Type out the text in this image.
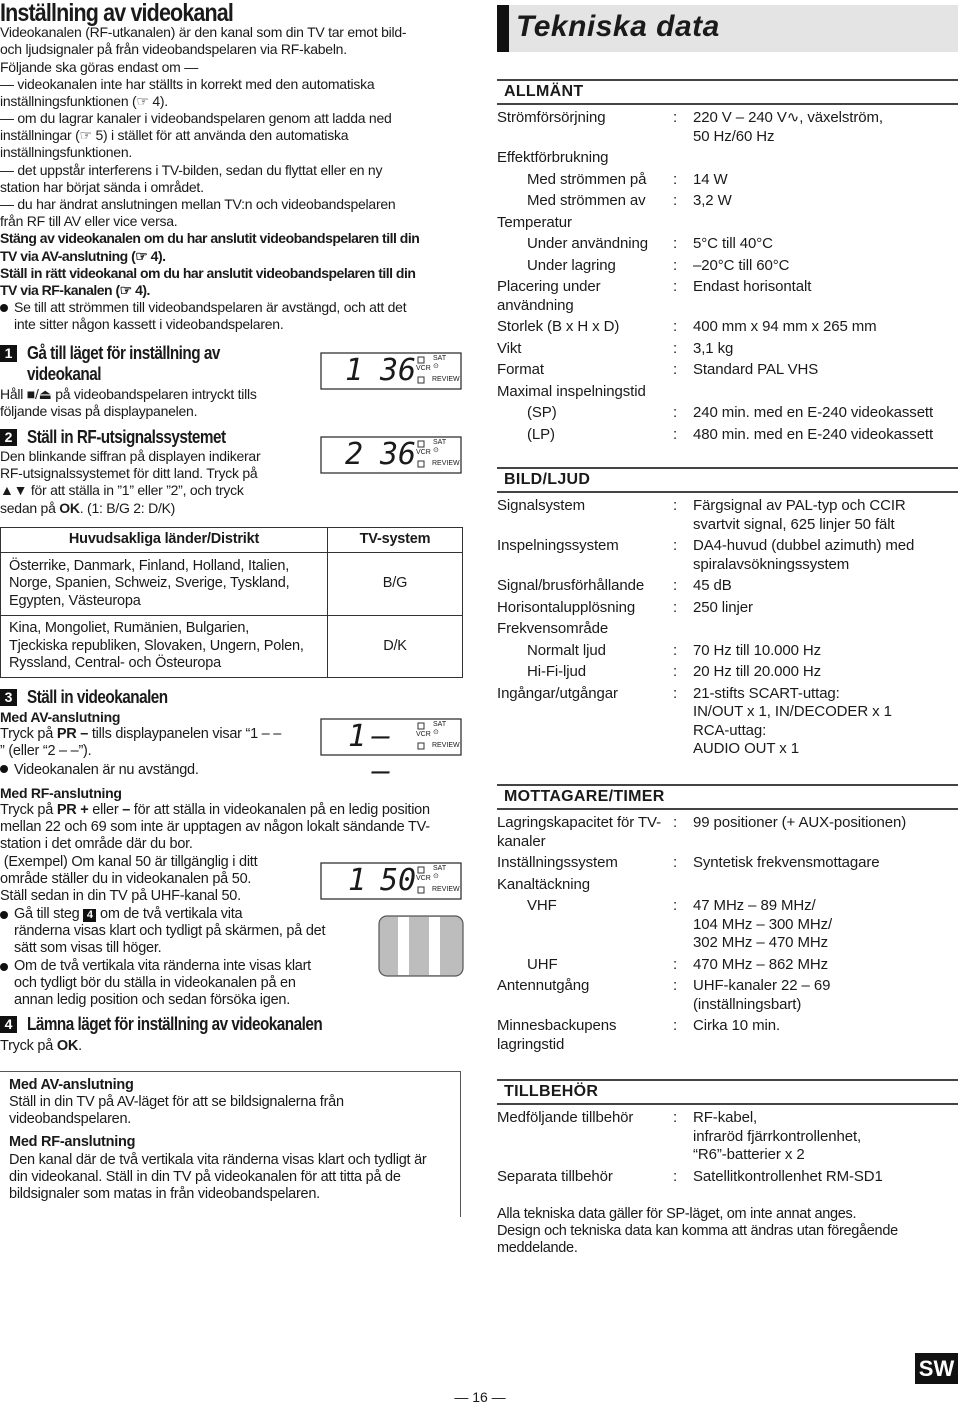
Inställning av videokanal
Videokanalen (RF-utkanalen) är den kanal som din TV tar emot bild-
och ljudsignaler på från videobandspelaren via RF-kabeln.
Följande ska göras endast om —
— videokanalen inte har ställts in korrekt med den automatiska
inställningsfunktionen (☞ 4).
— om du lagrar kanaler i videobandspelaren genom att ladda ned
inställningar (☞ 5) i stället för att använda den automatiska
inställningsfunktionen.
— det uppstår interferens i TV-bilden, sedan du flyttat eller en ny
station har börjat sända i området.
— du har ändrat anslutningen mellan TV:n och videobandspelaren
från RF till AV eller vice versa.
Stäng av videokanalen om du har anslutit videobandspelaren till din
TV via AV-anslutning (☞ 4).
Ställ in rätt videokanal om du har anslutit videobandspelaren till din
TV via RF-kanalen (☞ 4).
Se till att strömmen till videobandspelaren är avstängd, och att det
inte sitter någon kassett i videobandspelaren.
1 Gå till läget för inställning av
videokanal
Håll ■/⏏ på videobandspelaren intryckt tills
följande visas på displaypanelen.
2 Ställ in RF-utsignalssystemet
Den blinkande siffran på displayen indikerar
RF-utsignalssystemet för ditt land. Tryck på
▲▼ för att ställa in ”1” eller ”2”, och tryck
sedan på OK. (1: B/G 2: D/K)
Huvudsakliga länder/Distrikt	TV-system
Österrike, Danmark, Finland, Holland, Italien,
Norge, Spanien, Schweiz, Sverige, Tyskland,
Egypten, Västeuropa	B/G
Kina, Mongoliet, Rumänien, Bulgarien,
Tjeckiska republiken, Slovaken, Ungern, Polen,
Ryssland, Central- och Östeuropa	D/K
3 Ställ in videokanalen
Med AV-anslutning
Tryck på PR – tills displaypanelen visar “1 – –
” (eller “2 – –”).
Videokanalen är nu avstängd.
Med RF-anslutning
Tryck på PR + eller – för att ställa in videokanalen på en ledig position
mellan 22 och 69 som inte är upptagen av någon lokalt sändande TV-
station i det område där du bor.
(Exempel) Om kanal 50 är tillgänglig i ditt
område ställer du in videokanalen på 50.
Ställ sedan in din TV på UHF-kanal 50.
Gå till steg 4 om de två vertikala vita
ränderna visas klart och tydligt på skärmen, på det
sätt som visas till höger.
Om de två vertikala vita ränderna inte visas klart
och tydligt bör du ställa in videokanalen på en
annan ledig position och sedan försöka igen.
4 Lämna läget för inställning av videokanalen
Tryck på OK.
Med AV-anslutning
Ställ in din TV på AV-läget för att se bildsignalerna från
videobandspelaren.
Med RF-anslutning
Den kanal där de två vertikala vita ränderna visas klart och tydligt är
din videokanal. Ställ in din TV på videokanalen för att titta på de
bildsignaler som matas in från videobandspelaren.
1 36 SAT ⊙
VCR
REVIEW
2 36 SAT ⊙
VCR
REVIEW
1 – –
SAT ⊙
VCR
REVIEW
1 50 SAT ⊙
VCR
REVIEW
Tekniska data
ALLMÄNT
Strömförsörjning	:	220 V – 240 V∿, växelström,
50 Hz/60 Hz
Effektförbrukning
Med strömmen på	:	14 W
Med strömmen av	:	3,2 W
Temperatur
Under användning	:	5°C till 40°C
Under lagring	:	–20°C till 60°C
Placering under
användning
:	Endast horisontalt
Storlek (B x H x D)	:	400 mm x 94 mm x 265 mm
Vikt	:	3,1 kg
Format	:	Standard PAL VHS
Maximal inspelningstid
(SP)	:	240 min. med en E-240 videokassett
(LP)	:	480 min. med en E-240 videokassett
BILD/LJUD
Signalsystem	:	Färgsignal av PAL-typ och CCIR
svartvit signal, 625 linjer 50 fält
Inspelningssystem	:	DA4-huvud (dubbel azimuth) med
spiralavsökningssystem
Signal/brusförhållande	:	45 dB
Horisontalupplösning	:	250 linjer
Frekvensområde
Normalt ljud	:	70 Hz till 10.000 Hz
Hi-Fi-ljud	:	20 Hz till 20.000 Hz
Ingångar/utgångar	:	21-stifts SCART-uttag:
IN/OUT x 1, IN/DECODER x 1
RCA-uttag:
AUDIO OUT x 1
MOTTAGARE/TIMER
Lagringskapacitet för TV-
kanaler
:	99 positioner (+ AUX-positionen)
Inställningssystem	:	Syntetisk frekvensmottagare
Kanaltäckning
VHF	:	47 MHz – 89 MHz/
104 MHz – 300 MHz/
302 MHz – 470 MHz
UHF	:	470 MHz – 862 MHz
Antennutgång	:	UHF-kanaler 22 – 69
(inställningsbart)
Minnesbackupens
lagringstid
:	Cirka 10 min.
TILLBEHÖR
Medföljande tillbehör	:	RF-kabel,
infraröd fjärrkontrollenhet,
“R6”-batterier x 2
Separata tillbehör	:	Satellitkontrollenhet RM-SD1
Alla tekniska data gäller för SP-läget, om inte annat anges.
Design och tekniska data kan komma att ändras utan föregående
meddelande.
SW
— 16 —
